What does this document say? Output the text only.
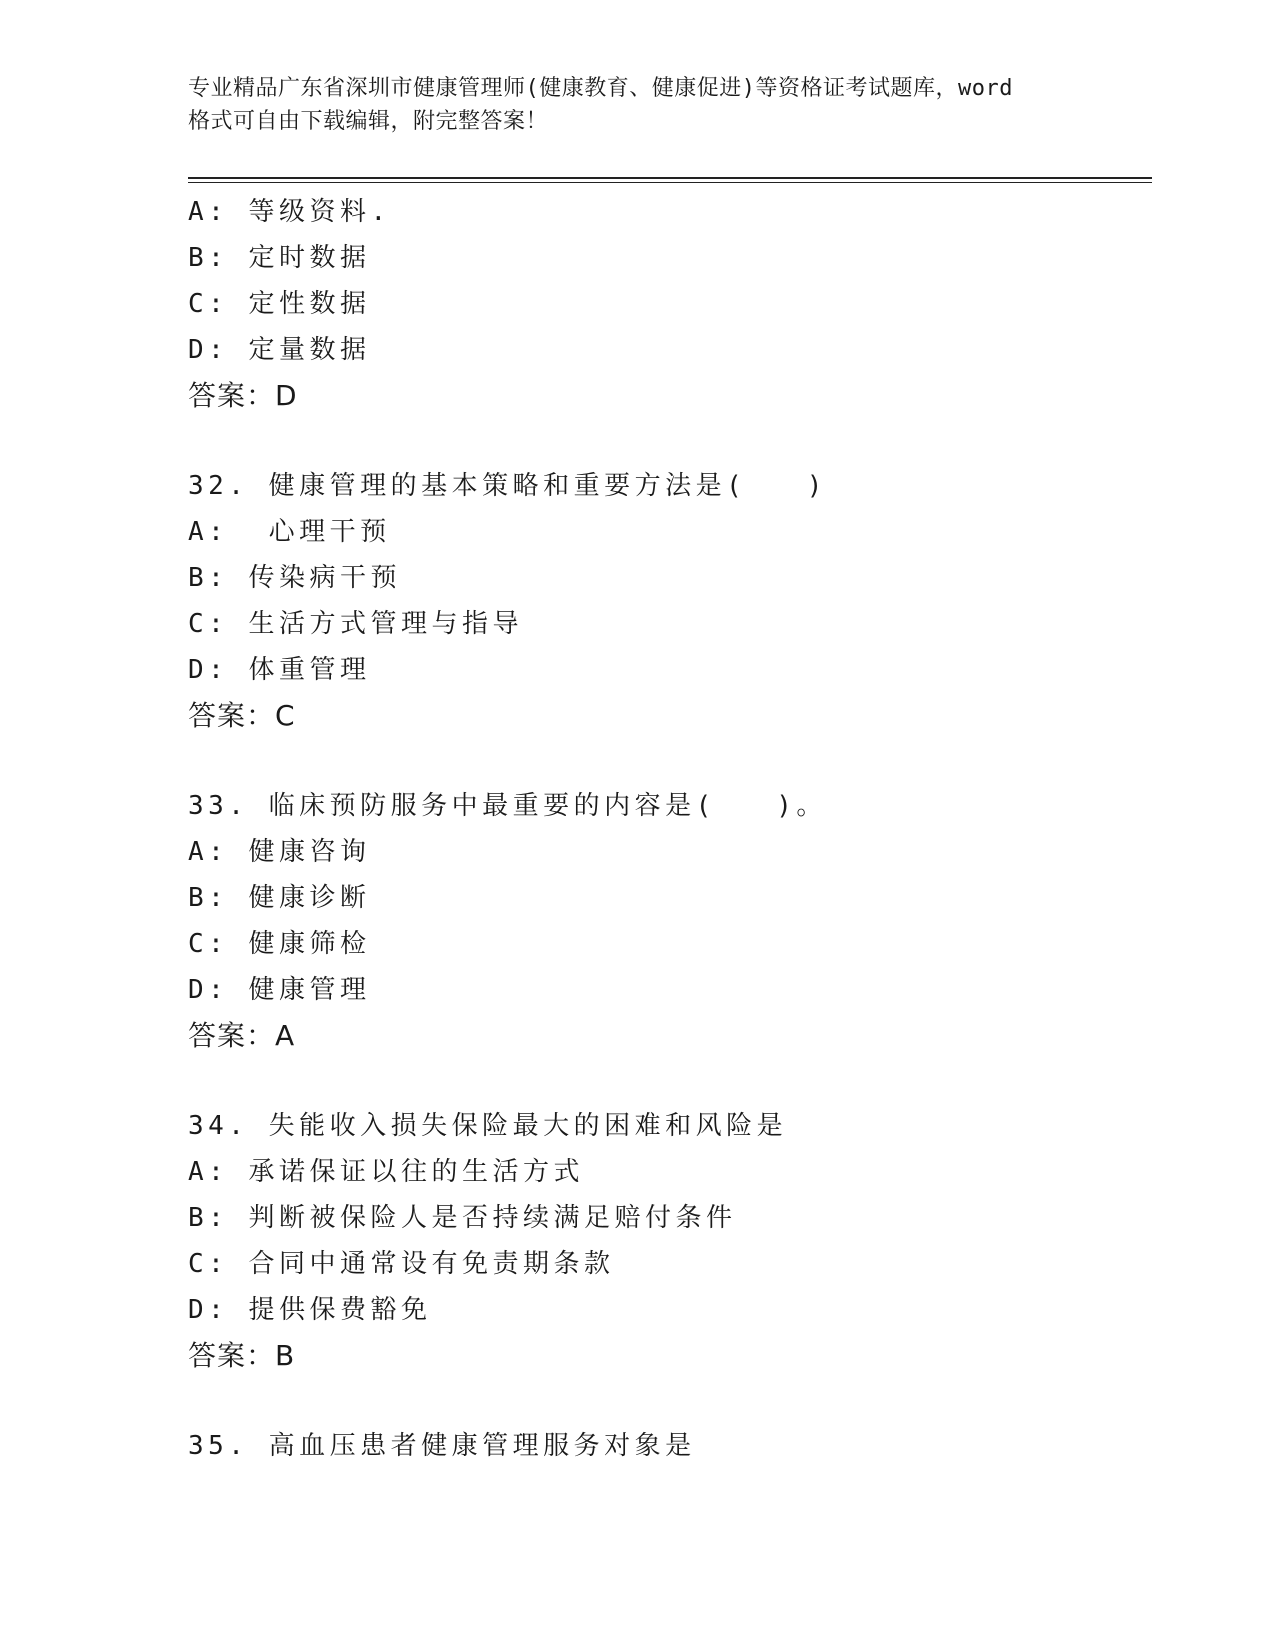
专业精品广东省深圳市健康管理师(健康教育、健康促进)等资格证考试题库，word
格式可自由下载编辑，附完整答案！
A: 等级资料.
B: 定时数据
C: 定性数据
D: 定量数据
答案：D
32. 健康管理的基本策略和重要方法是(   )
A:  心理干预
B: 传染病干预
C: 生活方式管理与指导
D: 体重管理
答案：C
33. 临床预防服务中最重要的内容是(   )。
A: 健康咨询
B: 健康诊断
C: 健康筛检
D: 健康管理
答案：A
34. 失能收入损失保险最大的困难和风险是
A: 承诺保证以往的生活方式
B: 判断被保险人是否持续满足赔付条件
C: 合同中通常设有免责期条款
D: 提供保费豁免
答案：B
35. 高血压患者健康管理服务对象是
